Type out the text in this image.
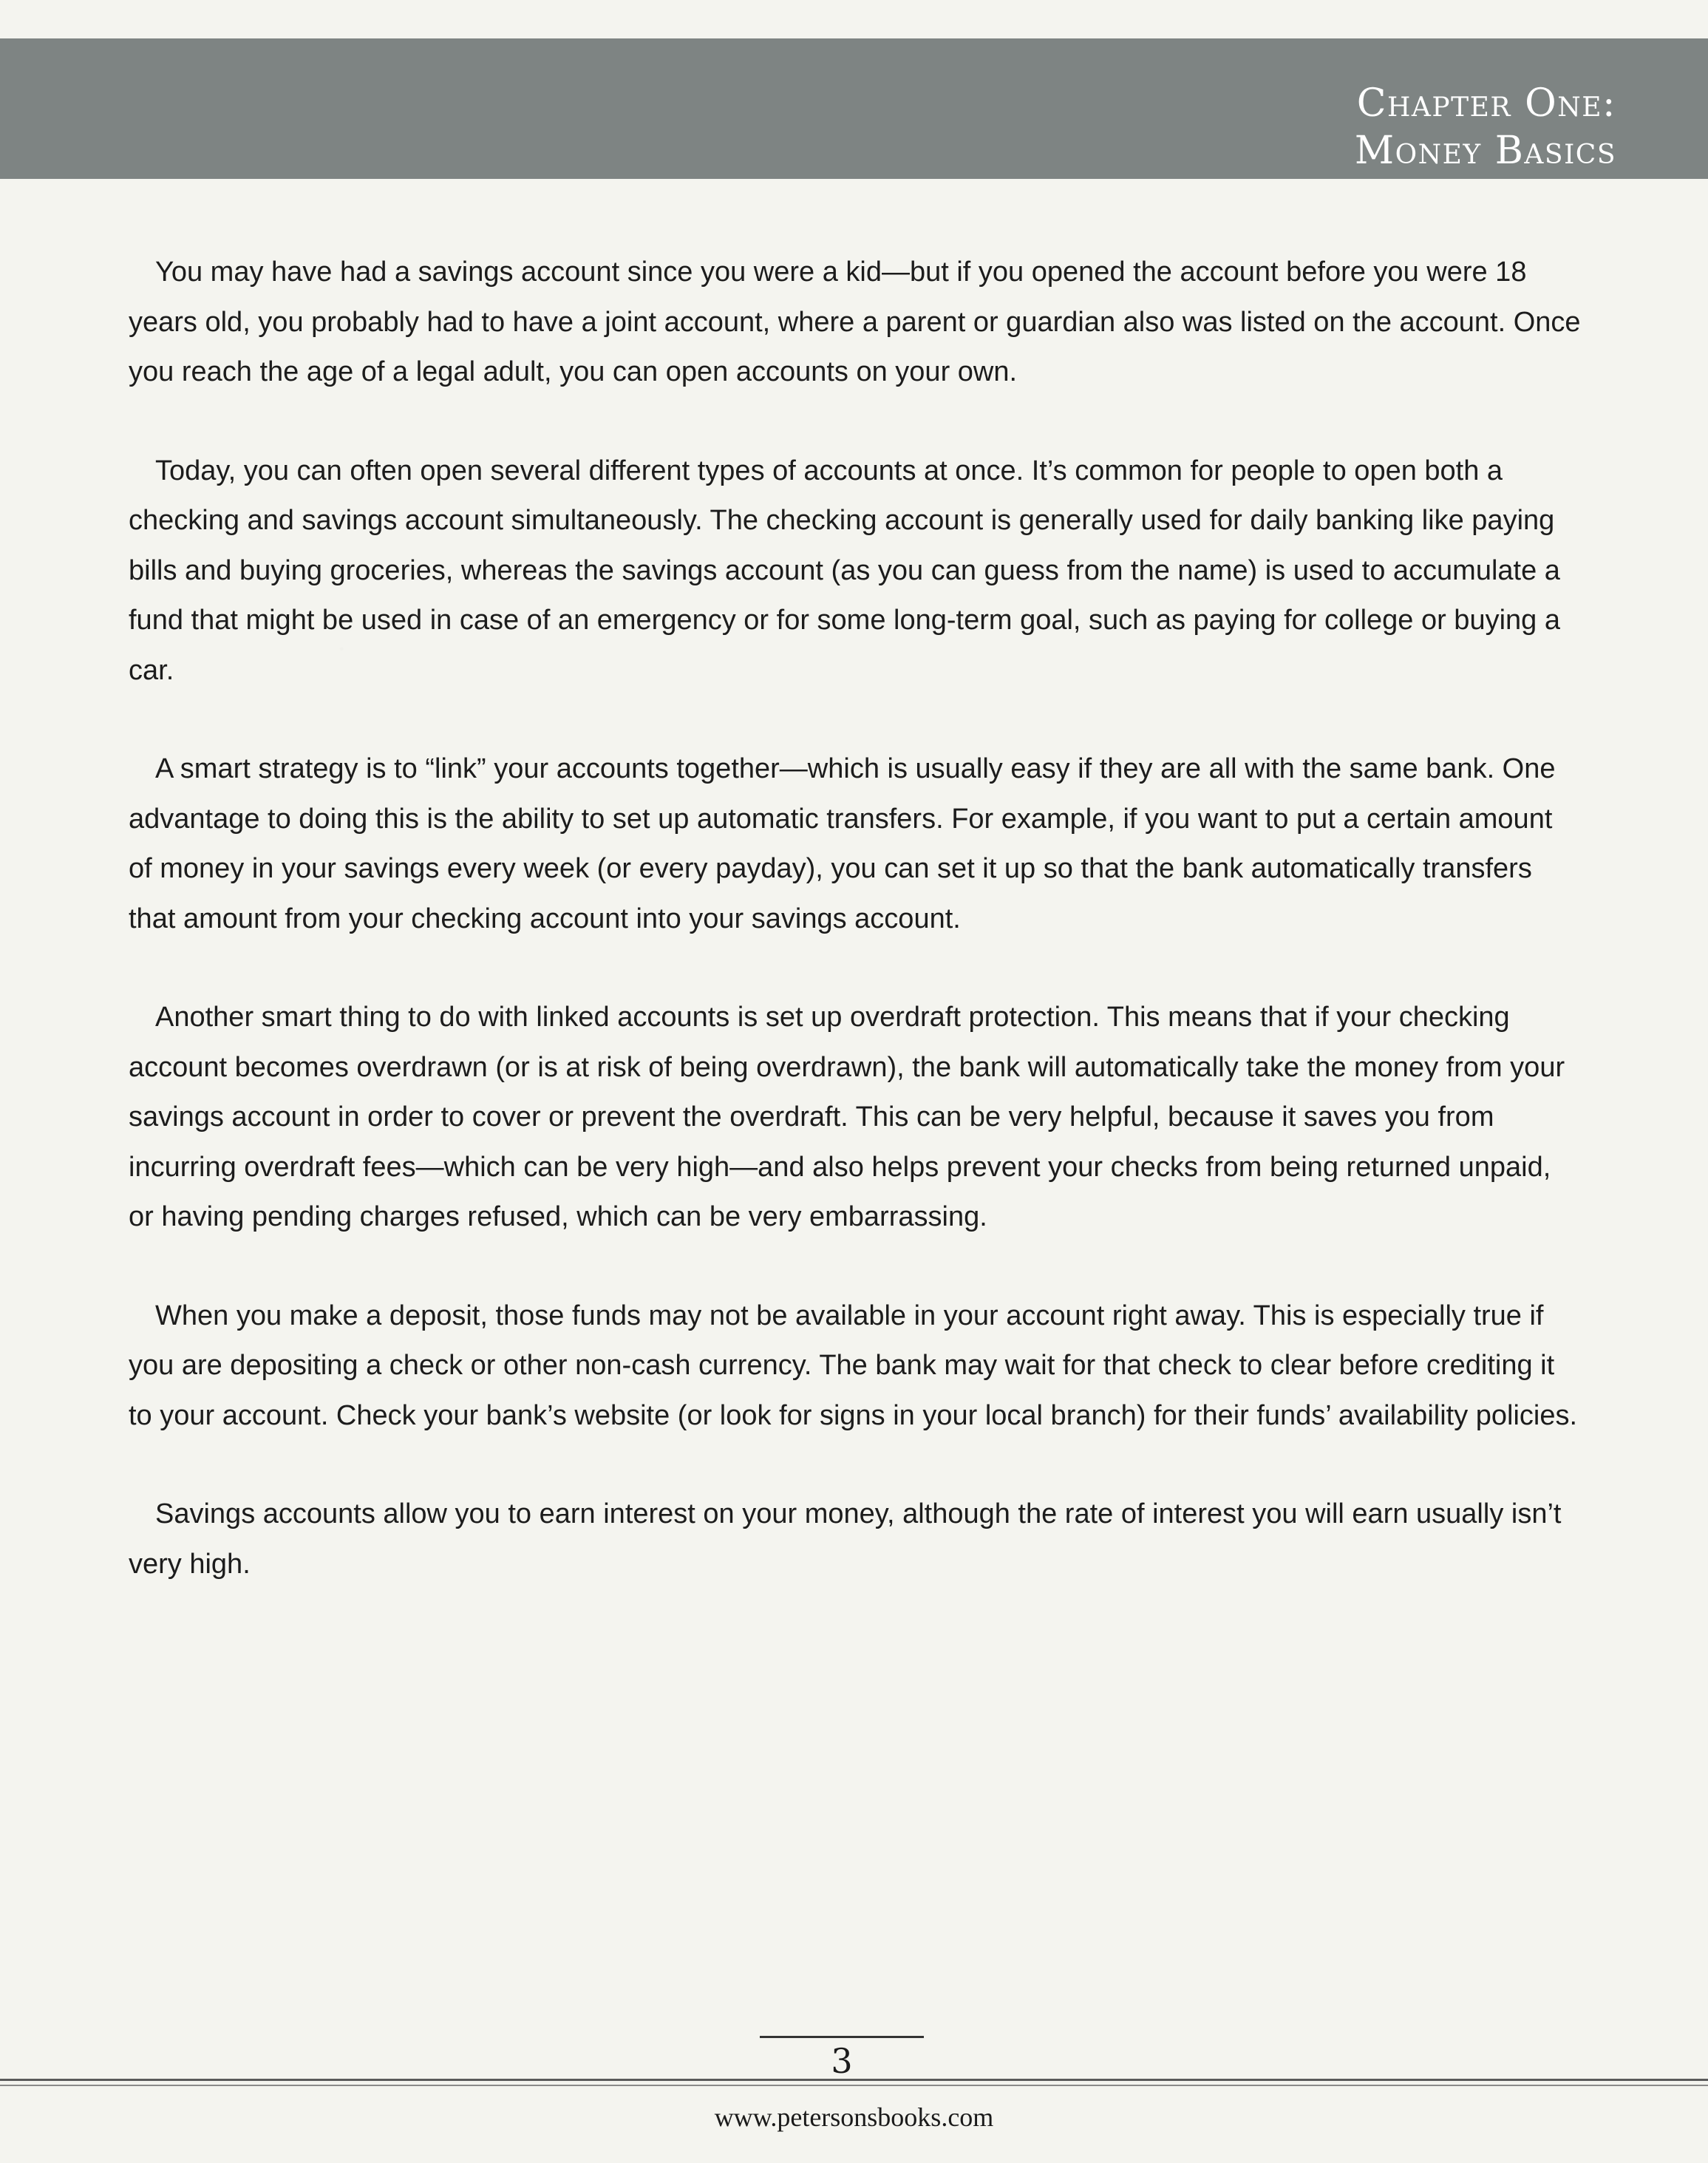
Chapter One:
Money Basics

You may have had a savings account since you were a kid—but if you opened the account before you were 18 years old, you probably had to have a joint account, where a parent or guardian also was listed on the account. Once you reach the age of a legal adult, you can open accounts on your own.

Today, you can often open several different types of accounts at once. It’s common for people to open both a checking and savings account simultaneously. The checking account is generally used for daily banking like paying bills and buying groceries, whereas the savings account (as you can guess from the name) is used to accumulate a fund that might be used in case of an emergency or for some long-term goal, such as paying for college or buying a car.

A smart strategy is to “link” your accounts together—which is usually easy if they are all with the same bank. One advantage to doing this is the ability to set up automatic transfers. For example, if you want to put a certain amount of money in your savings every week (or every payday), you can set it up so that the bank automatically transfers that amount from your checking account into your savings account.

Another smart thing to do with linked accounts is set up overdraft protection. This means that if your checking account becomes overdrawn (or is at risk of being overdrawn), the bank will automatically take the money from your savings account in order to cover or prevent the overdraft. This can be very helpful, because it saves you from incurring overdraft fees—which can be very high—and also helps prevent your checks from being returned unpaid, or having pending charges refused, which can be very embarrassing.

When you make a deposit, those funds may not be available in your account right away. This is especially true if you are depositing a check or other non-cash currency. The bank may wait for that check to clear before crediting it to your account. Check your bank’s website (or look for signs in your local branch) for their funds’ availability policies.

Savings accounts allow you to earn interest on your money, although the rate of interest you will earn usually isn’t very high.

3
www.petersonsbooks.com
